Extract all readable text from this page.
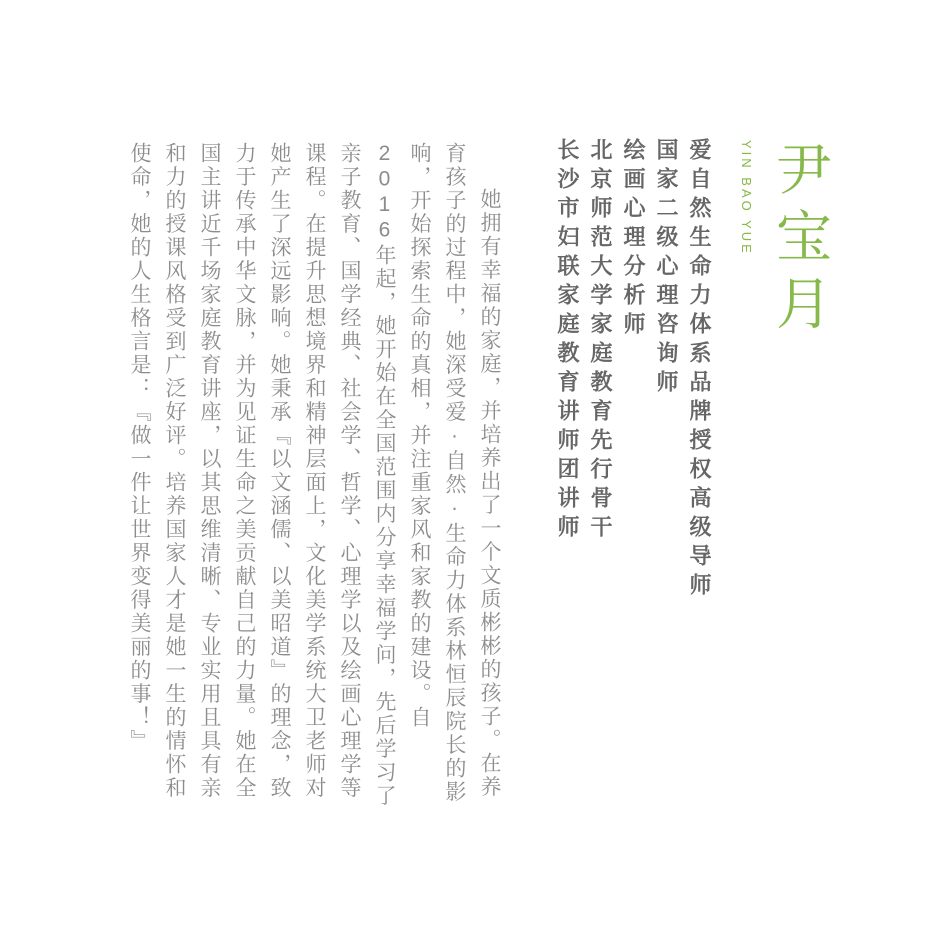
尹宝月
YIN BAO YUE
爱自然生命力体系品牌授权高级导师
国家二级心理咨询师
绘画心理分析师
北京师范大学家庭教育先行骨干
长沙市妇联家庭教育讲师团讲师
她拥有幸福的家庭，并培养出了一个文质彬彬的孩子。在养
育孩子的过程中，她深受爱·自然·生命力体系林恒辰院长的影
响，开始探索生命的真相，并注重家风和家教的建设。自
2016年起，她开始在全国范围内分享幸福学问，先后学习了
亲子教育、国学经典、社会学、哲学、心理学以及绘画心理学等
课程。在提升思想境界和精神层面上，文化美学系统大卫老师对
她产生了深远影响。她秉承『以文涵儒、以美昭道』的理念，致
力于传承中华文脉，并为见证生命之美贡献自己的力量。她在全
国主讲近千场家庭教育讲座，以其思维清晰、专业实用且具有亲
和力的授课风格受到广泛好评。培养国家人才是她一生的情怀和
使命，她的人生格言是：『做一件让世界变得美丽的事！』
